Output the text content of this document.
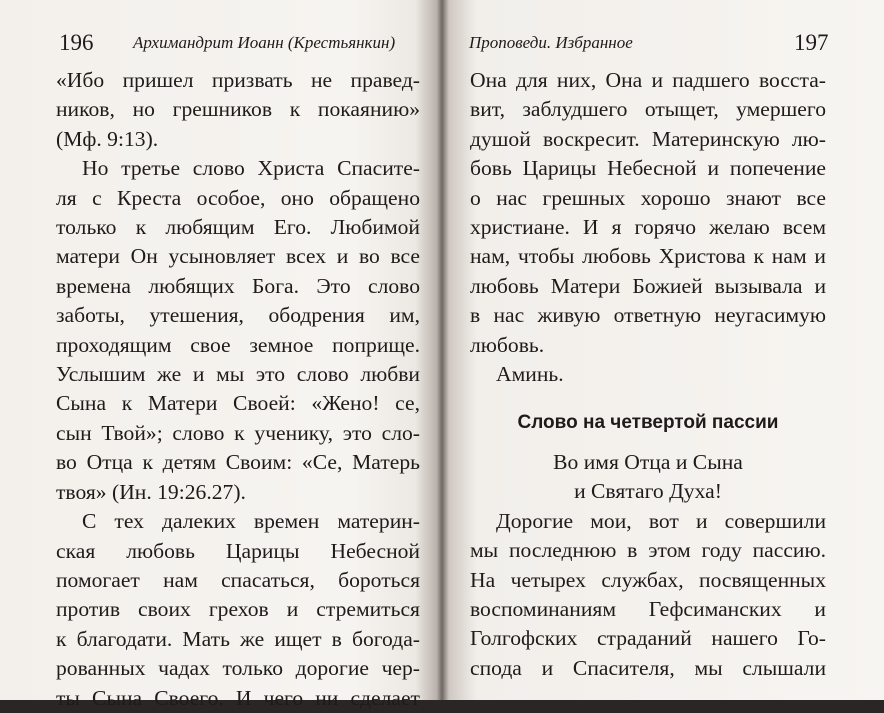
196 Архимандрит Иоанн (Крестьянкин)
«Ибо пришел призвать не правед-
ников, но грешников к покаянию»
(Мф. 9:13).
Но третье слово Христа Спасите-
ля с Креста особое, оно обращено
только к любящим Его. Любимой
матери Он усыновляет всех и во все
времена любящих Бога. Это слово
заботы, утешения, ободрения им,
проходящим свое земное поприще.
Услышим же и мы это слово любви
Сына к Матери Своей: «Жено! се,
сын Твой»; слово к ученику, это сло-
во Отца к детям Своим: «Се, Матерь
твоя» (Ин. 19:26.27).
С тех далеких времен материн-
ская любовь Царицы Небесной
помогает нам спасаться, бороться
против своих грехов и стремиться
к благодати. Мать же ищет в богода-
рованных чадах только дорогие чер-
ты Сына Своего. И чего ни сделает
Проповеди. Избранное	197
Она для них, Она и падшего восста-
вит, заблудшего отыщет, умершего
душой воскресит. Материнскую лю-
бовь Царицы Небесной и попечение
о нас грешных хорошо знают все
христиане. И я горячо желаю всем
нам, чтобы любовь Христова к нам и
любовь Матери Божией вызывала и
в нас живую ответную неугасимую
любовь.
Аминь.
Слово на четвертой пассии
Во имя Отца и Сына
и Святаго Духа!
Дорогие мои, вот и совершили
мы последнюю в этом году пассию.
На четырех службах, посвященных
воспоминаниям Гефсиманских и
Голгофских страданий нашего Го-
спода и Спасителя, мы слышали
